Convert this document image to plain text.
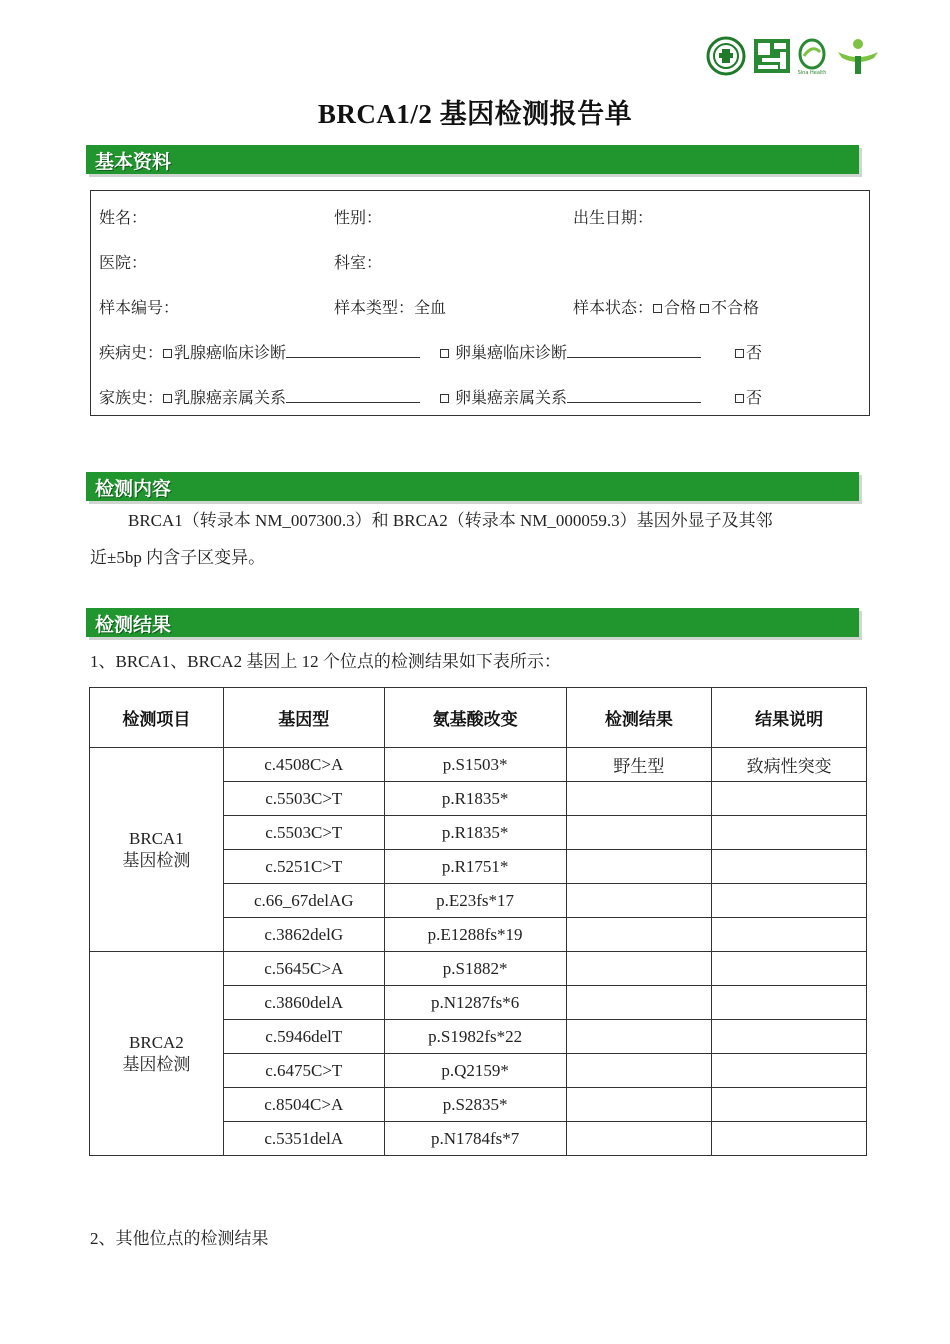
Sina Health
BRCA1/2 基因检测报告单
基本资料
姓名：	性别：	出生日期：
医院：	科室：
样本编号：	样本类型：全血	样本状态： 合格 不合格
疾病史： 乳腺癌临床诊断	卵巢癌临床诊断	否
家族史： 乳腺癌亲属关系	卵巢癌亲属关系	否
检测内容
BRCA1（转录本 NM_007300.3）和 BRCA2（转录本 NM_000059.3）基因外显子及其邻
近±5bp 内含子区变异。
检测结果
1、BRCA1、BRCA2 基因上 12 个位点的检测结果如下表所示：
检测项目	基因型	氨基酸改变	检测结果	结果说明

BRCA1
基因检测	c.4508C>A	p.S1503*	野生型	致病性突变
	c.5503C>T	p.R1835*		
	c.5503C>T	p.R1835*		
	c.5251C>T	p.R1751*		
	c.66_67delAG	p.E23fs*17		
	c.3862delG	p.E1288fs*19		

BRCA2
基因检测	c.5645C>A	p.S1882*		
	c.3860delA	p.N1287fs*6		
	c.5946delT	p.S1982fs*22		
	c.6475C>T	p.Q2159*		
	c.8504C>A	p.S2835*		
	c.5351delA	p.N1784fs*7		
2、其他位点的检测结果
